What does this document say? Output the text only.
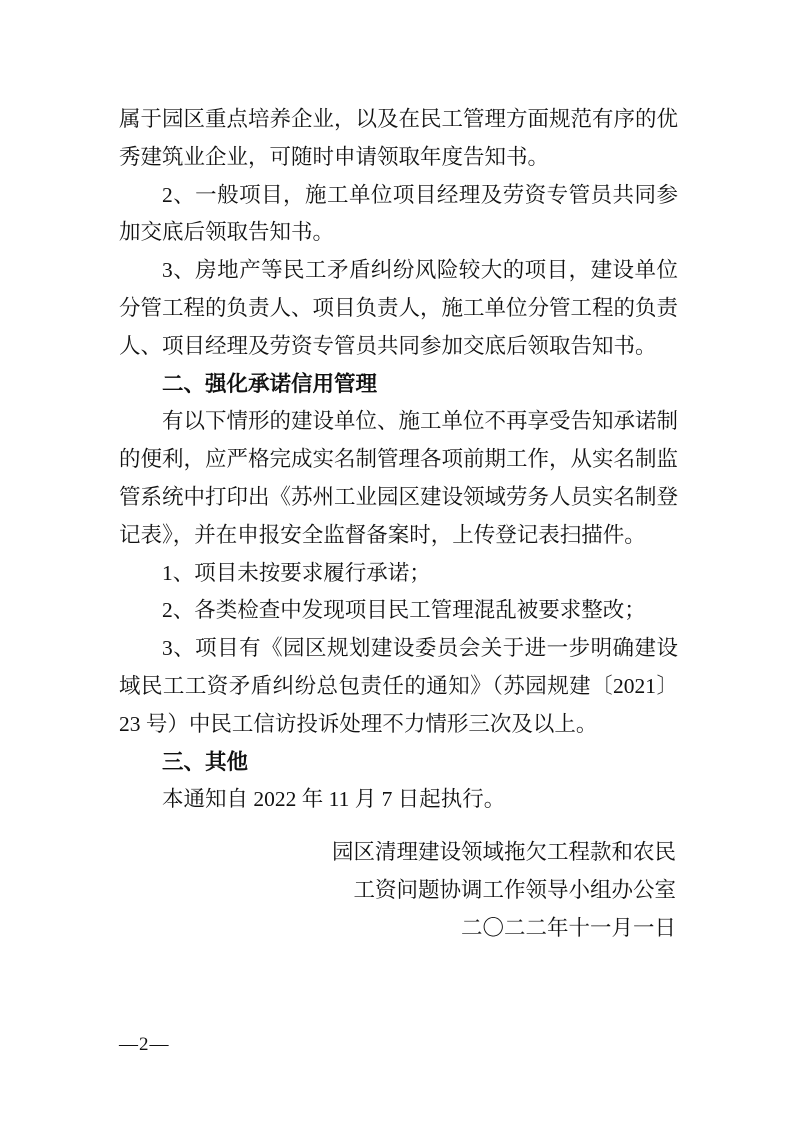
属于园区重点培养企业，以及在民工管理方面规范有序的优秀建筑业企业，可随时申请领取年度告知书。

2、一般项目，施工单位项目经理及劳资专管员共同参加交底后领取告知书。

3、房地产等民工矛盾纠纷风险较大的项目，建设单位分管工程的负责人、项目负责人，施工单位分管工程的负责人、项目经理及劳资专管员共同参加交底后领取告知书。

二、强化承诺信用管理

有以下情形的建设单位、施工单位不再享受告知承诺制的便利，应严格完成实名制管理各项前期工作，从实名制监管系统中打印出《苏州工业园区建设领域劳务人员实名制登记表》，并在申报安全监督备案时，上传登记表扫描件。

1、项目未按要求履行承诺；

2、各类检查中发现项目民工管理混乱被要求整改；

3、项目有《园区规划建设委员会关于进一步明确建设域民工工资矛盾纠纷总包责任的通知》（苏园规建〔2021〕23 号）中民工信访投诉处理不力情形三次及以上。

三、其他

本通知自 2022 年 11 月 7 日起执行。

园区清理建设领域拖欠工程款和农民

工资问题协调工作领导小组办公室

二〇二二年十一月一日

—2—
